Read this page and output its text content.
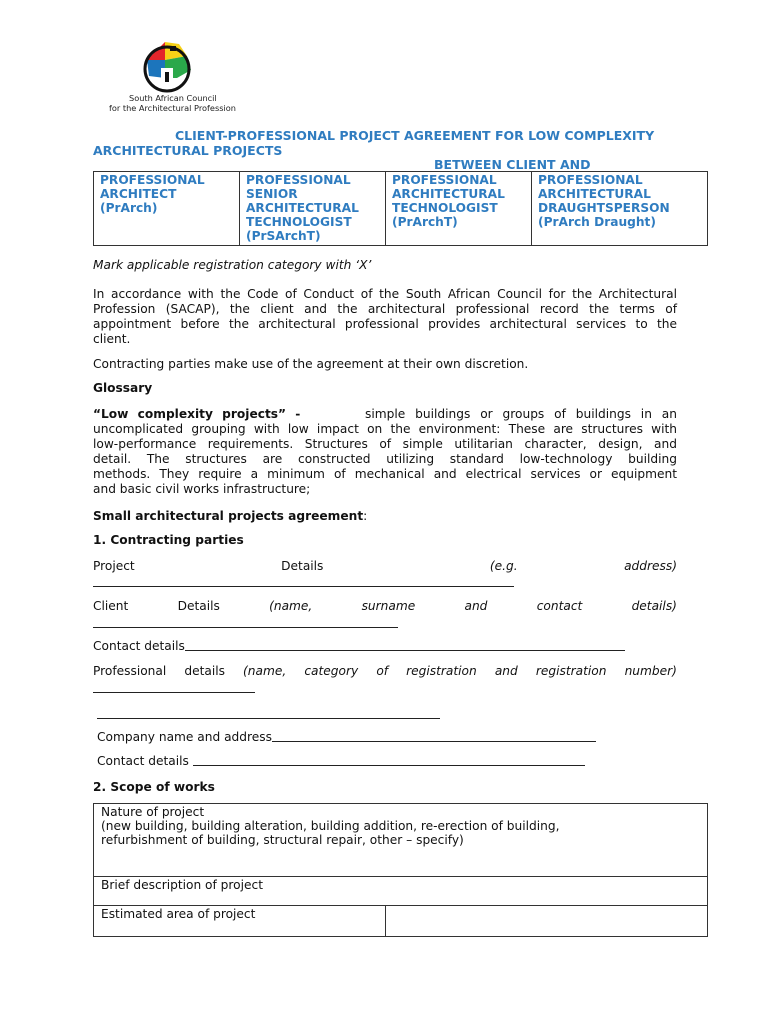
South African Council
for the Architectural Profession
CLIENT-PROFESSIONAL PROJECT AGREEMENT FOR LOW COMPLEXITY
ARCHITECTURAL PROJECTS
BETWEEN CLIENT AND
PROFESSIONAL
ARCHITECT
(PrArch)

PROFESSIONAL
SENIOR
ARCHITECTURAL
TECHNOLOGIST
(PrSArchT)

PROFESSIONAL
ARCHITECTURAL
TECHNOLOGIST
(PrArchT)

PROFESSIONAL
ARCHITECTURAL
DRAUGHTSPERSON
(PrArch Draught)
Mark applicable registration category with ‘X’
In accordance with the Code of Conduct of the South African Council for the Architectural
Profession (SACAP), the client and the architectural professional record the terms of
appointment before the architectural professional provides architectural services to the
client.
Contracting parties make use of the agreement at their own discretion.
Glossary
“Low complexity projects” -	simple buildings or groups of buildings in an
uncomplicated grouping with low impact on the environment: These are structures with
low-performance requirements. Structures of simple utilitarian character, design, and
detail. The structures are constructed utilizing standard low-technology building
methods. They require a minimum of mechanical and electrical services or equipment
and basic civil works infrastructure;
Small architectural projects agreement:
1. Contracting parties
Project	Details	(e.g.	address)
Client	Details	(name,	surname	and	contact	details)
Contact details
Professional details (name, category of registration and registration number)
Company name and address
Contact details
2. Scope of works
Nature of project
(new building, building alteration, building addition, re-erection of building,
refurbishment of building, structural repair, other – specify)

Brief description of project

Estimated area of project
